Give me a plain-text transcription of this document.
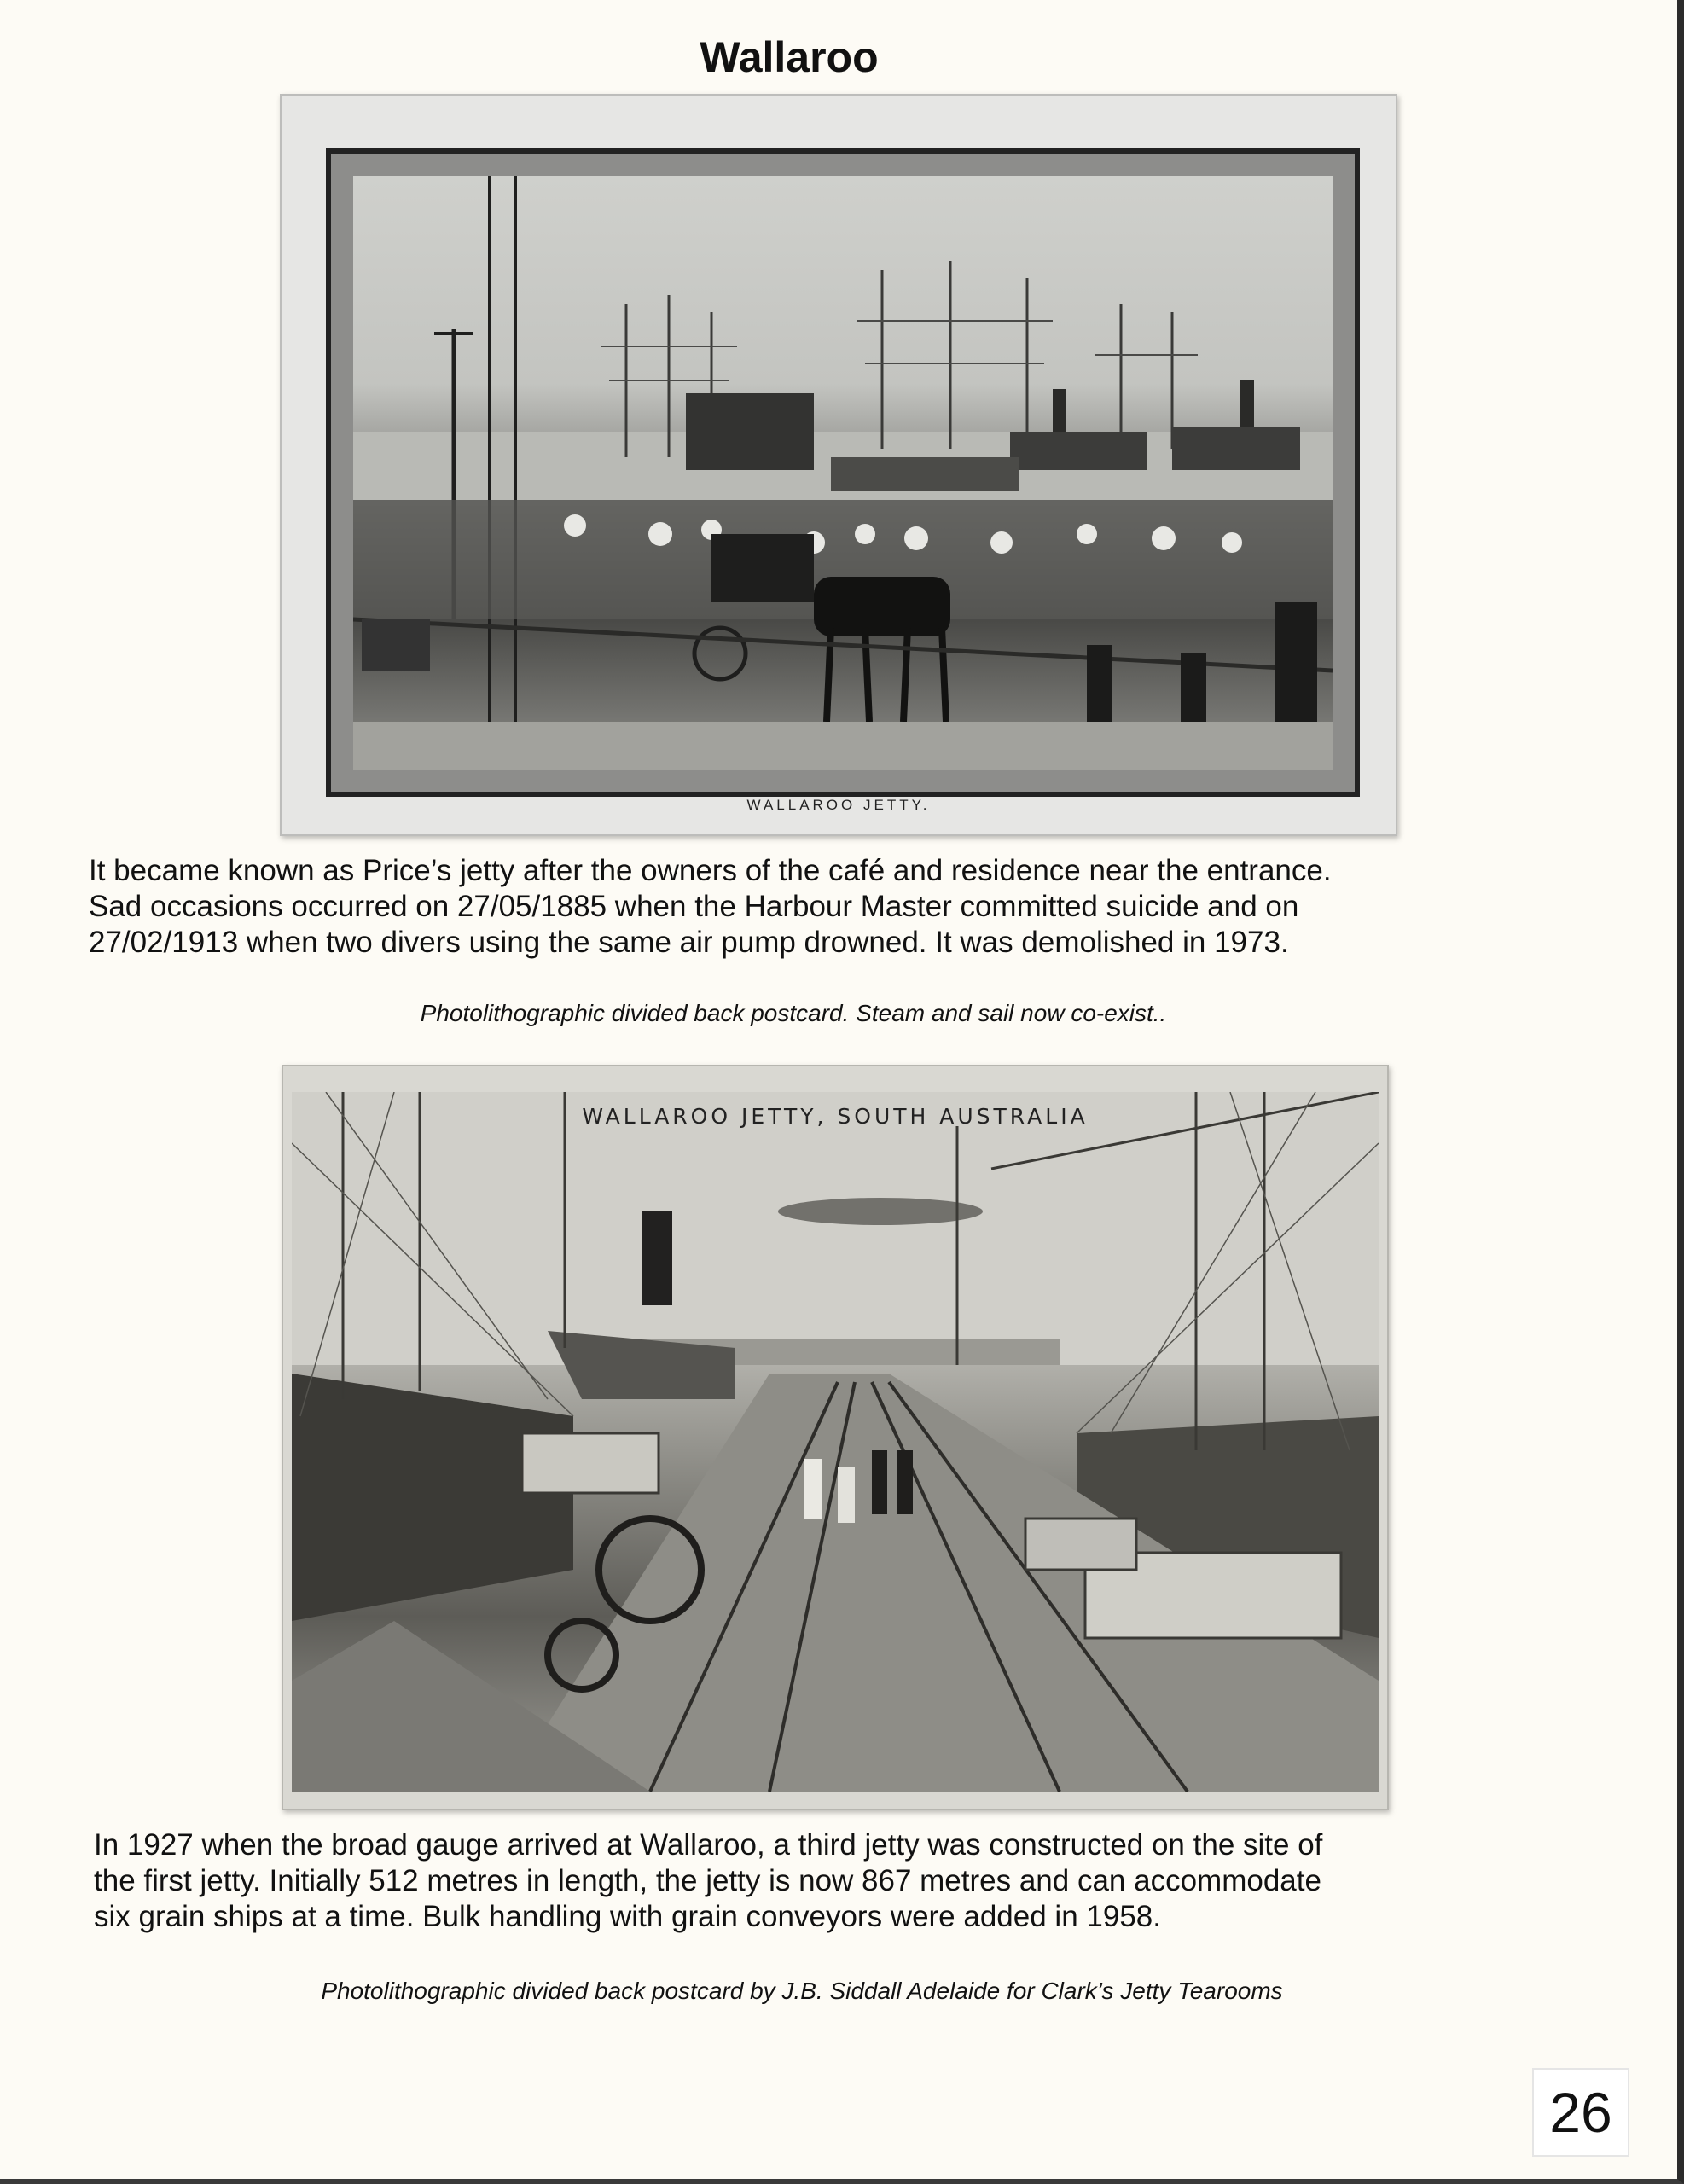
Wallaroo
WALLAROO JETTY.

It became known as Price’s jetty after the owners of the café and residence near the entrance.

Sad occasions occurred on 27/05/1885 when the Harbour Master committed suicide and on

27/02/1913 when two divers using the same air pump drowned. It was demolished in 1973.

Photolithographic divided back postcard. Steam and sail now co-exist..
WALLAROO JETTY, SOUTH AUSTRALIA

In 1927 when the broad gauge arrived at Wallaroo, a third jetty was constructed on the site of

the first jetty. Initially 512 metres in length, the jetty is now 867 metres and can accommodate

six grain ships at a time. Bulk handling with grain conveyors were added in 1958.

Photolithographic divided back postcard by J.B. Siddall Adelaide for Clark’s Jetty Tearooms
26
